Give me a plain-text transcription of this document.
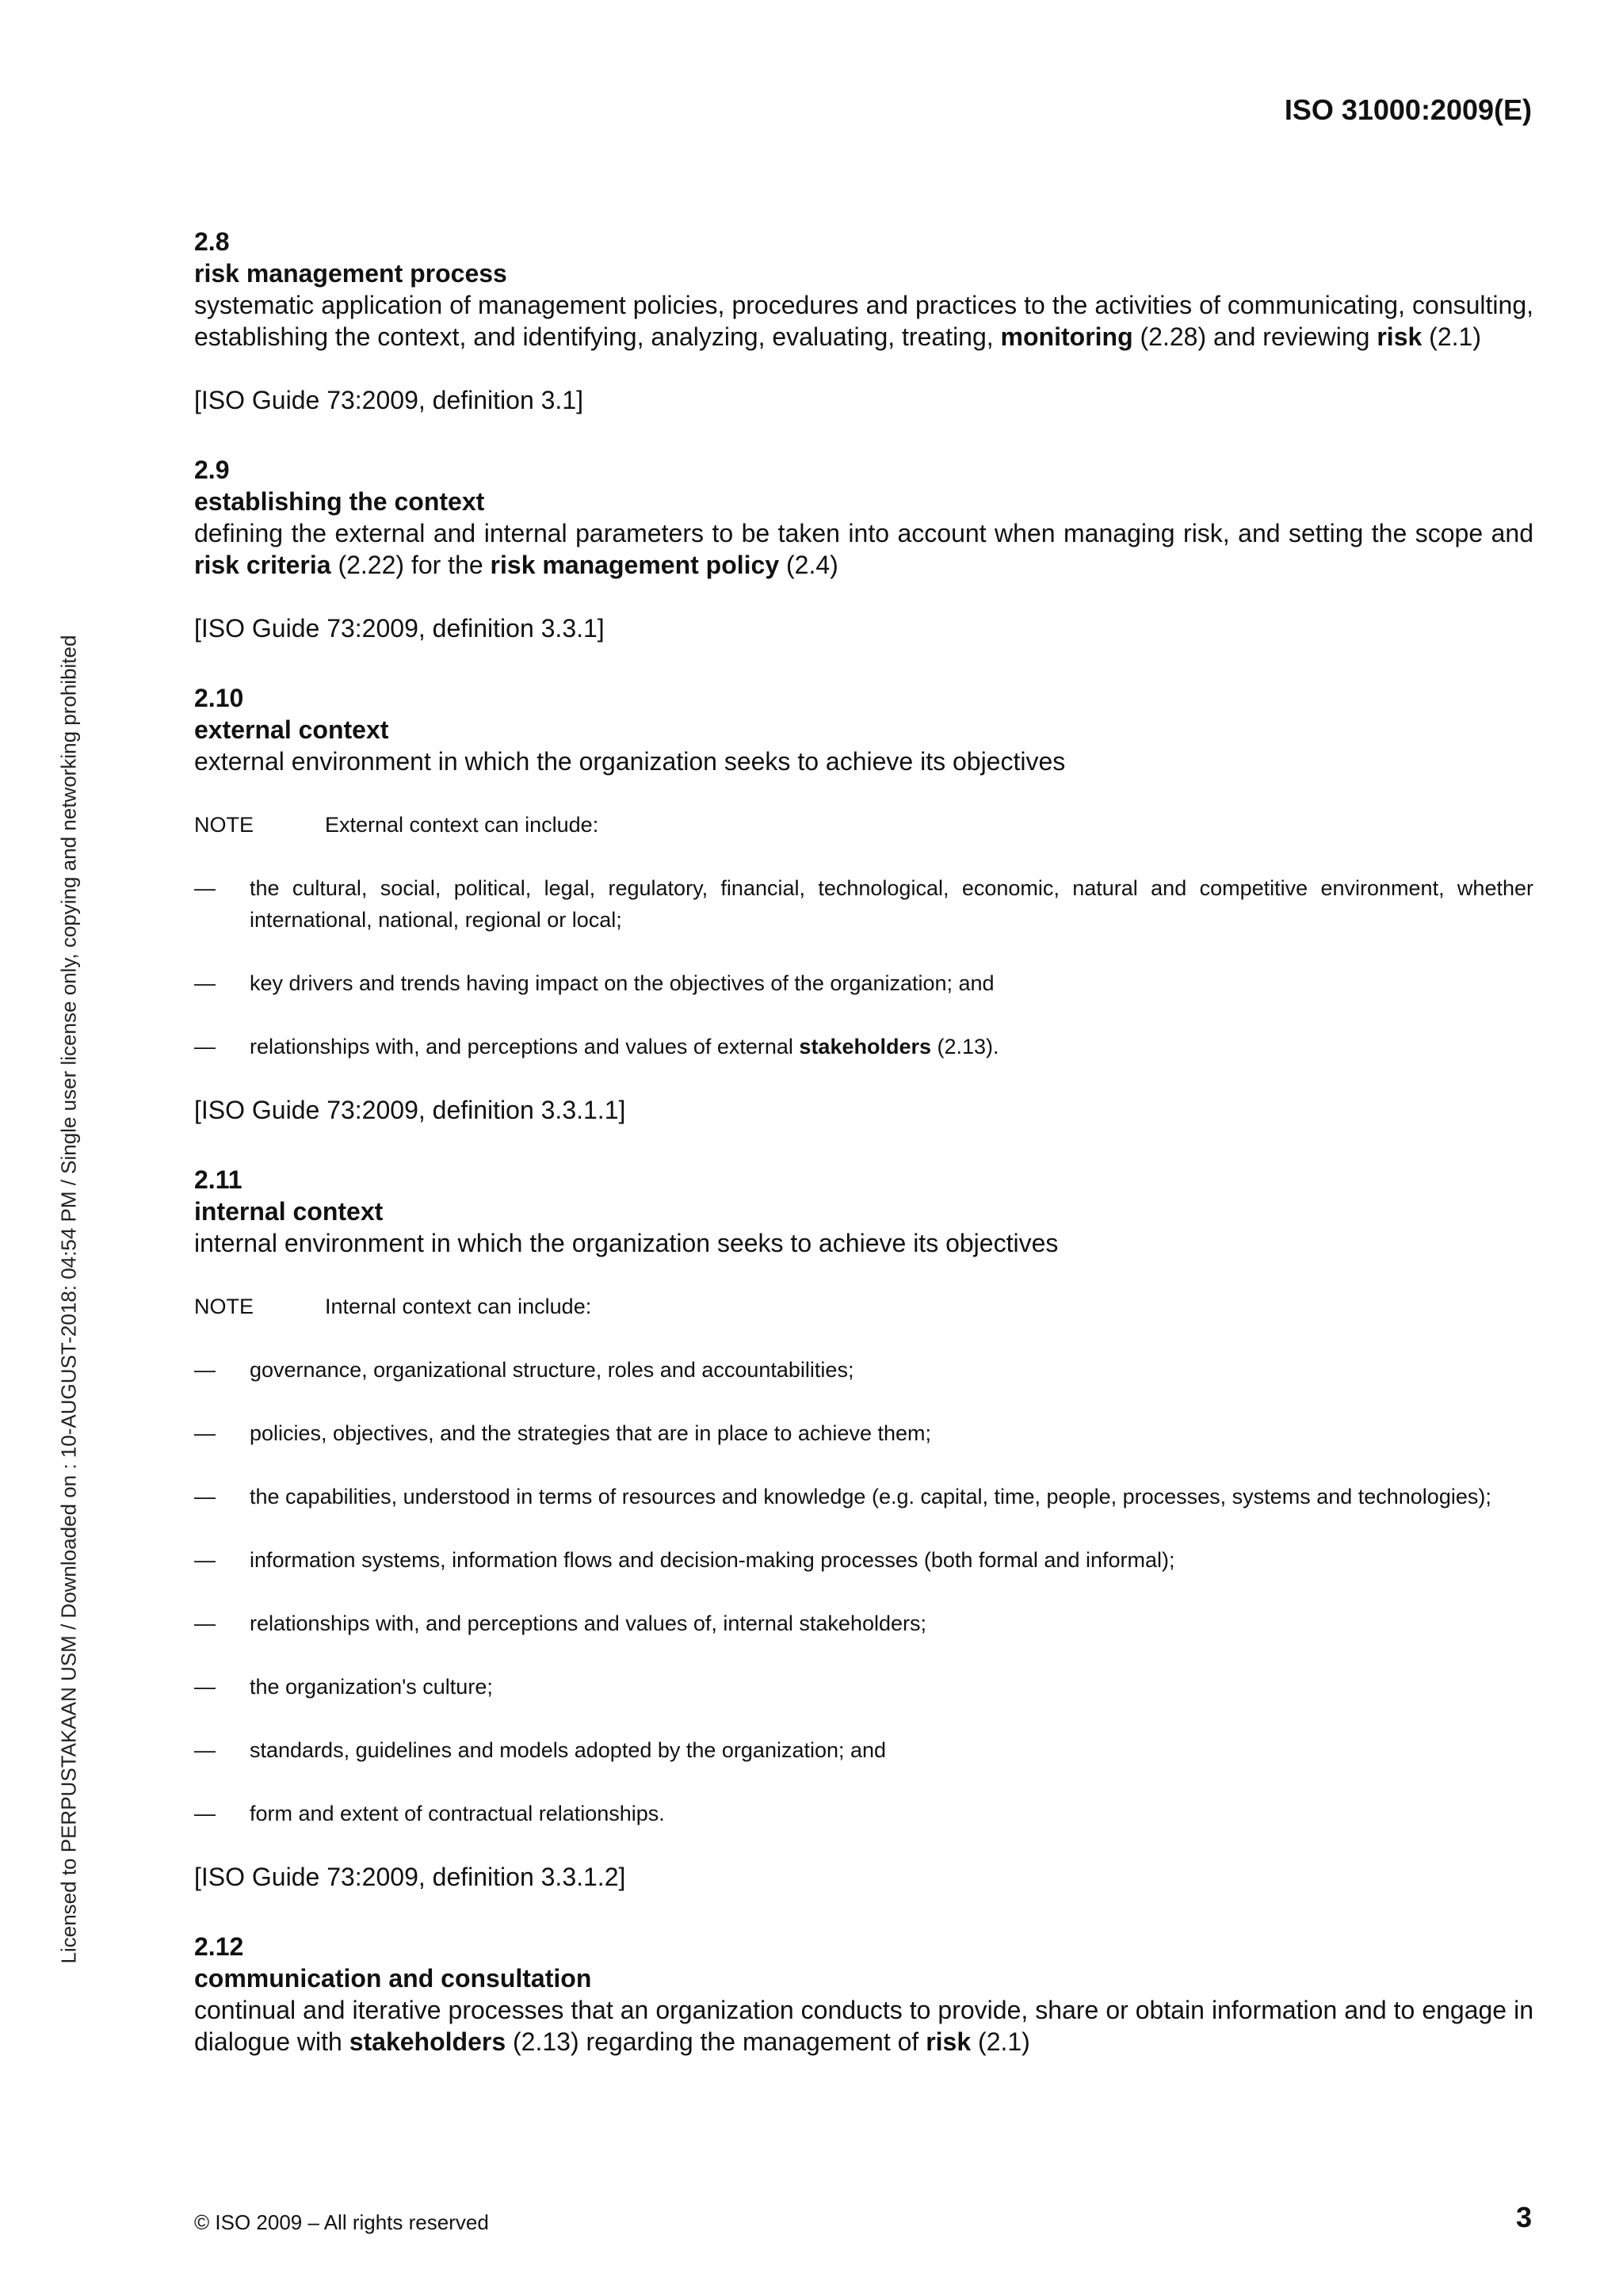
ISO 31000:2009(E)
Licensed to PERPUSTAKAAN USM / Downloaded on : 10-AUGUST-2018: 04:54 PM / Single user license only, copying and networking prohibited
2.8
risk management process
systematic application of management policies, procedures and practices to the activities of communicating, consulting, establishing the context, and identifying, analyzing, evaluating, treating, monitoring (2.28) and reviewing risk (2.1)
[ISO Guide 73:2009, definition 3.1]
2.9
establishing the context
defining the external and internal parameters to be taken into account when managing risk, and setting the scope and risk criteria (2.22) for the risk management policy (2.4)
[ISO Guide 73:2009, definition 3.3.1]
2.10
external context
external environment in which the organization seeks to achieve its objectives
NOTE	External context can include:
—	the cultural, social, political, legal, regulatory, financial, technological, economic, natural and competitive environment, whether international, national, regional or local;
—	key drivers and trends having impact on the objectives of the organization; and
—	relationships with, and perceptions and values of external stakeholders (2.13).
[ISO Guide 73:2009, definition 3.3.1.1]
2.11
internal context
internal environment in which the organization seeks to achieve its objectives
NOTE	Internal context can include:
—	governance, organizational structure, roles and accountabilities;
—	policies, objectives, and the strategies that are in place to achieve them;
—	the capabilities, understood in terms of resources and knowledge (e.g. capital, time, people, processes, systems and technologies);
—	information systems, information flows and decision-making processes (both formal and informal);
—	relationships with, and perceptions and values of, internal stakeholders;
—	the organization's culture;
—	standards, guidelines and models adopted by the organization; and
—	form and extent of contractual relationships.
[ISO Guide 73:2009, definition 3.3.1.2]
2.12
communication and consultation
continual and iterative processes that an organization conducts to provide, share or obtain information and to engage in dialogue with stakeholders (2.13) regarding the management of risk (2.1)
© ISO 2009 – All rights reserved	3
